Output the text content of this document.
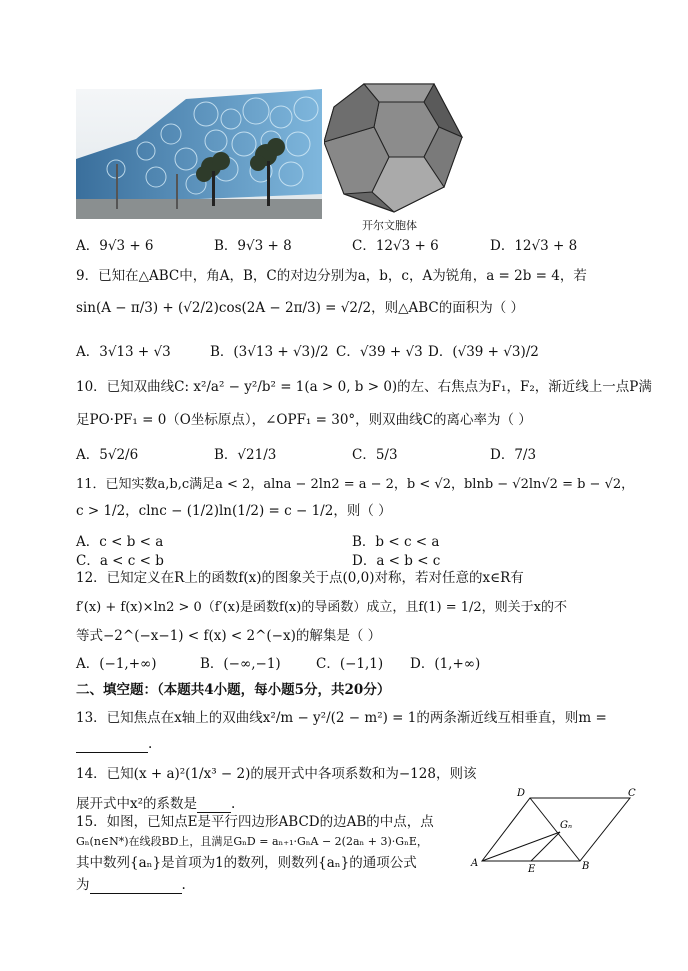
开尔文胞体
A．9√3 + 6	B．9√3 + 8	C．12√3 + 6	D．12√3 + 8
9．已知在△ABC中，角A，B，C的对边分别为a，b，c，A为锐角，a = 2b = 4，若
sin(A − π/3) + (√2/2)cos(2A − 2π/3) = √2/2，则△ABC的面积为（ ）
A．3√13 + √3	B．(3√13 + √3)/2 C．√39 + √3 D．(√39 + √3)/2
10．已知双曲线C: x²/a² − y²/b² = 1(a > 0, b > 0)的左、右焦点为F₁，F₂，渐近线上一点P满
足PO·PF₁ = 0（O坐标原点），∠OPF₁ = 30°，则双曲线C的离心率为（ ）
A．5√2/6	B．√21/3	C．5/3	D．7/3
11．已知实数a,b,c满足a < 2，alna − 2ln2 = a − 2，b < √2，blnb − √2ln√2 = b − √2，
c > 1/2，clnc − (1/2)ln(1/2) = c − 1/2，则（ ）
A．c < b < a	B．b < c < a
C．a < c < b	D．a < b < c
12．已知定义在R上的函数f(x)的图象关于点(0,0)对称，若对任意的x∈R有
f′(x) + f(x)×ln2 > 0（f′(x)是函数f(x)的导函数）成立，且f(1) = 1/2，则关于x的不
等式−2^(−x−1) < f(x) < 2^(−x)的解集是（ ）
A．(−1,+∞)	B．(−∞,−1)	C．(−1,1) D．(1,+∞)
二、填空题：（本题共4小题，每小题5分，共20分）
13．已知焦点在x轴上的双曲线x²/m − y²/(2 − m²) = 1的两条渐近线互相垂直，则m =
.
14．已知(x + a)²(1/x³ − 2)的展开式中各项系数和为−128，则该
展开式中x²的系数是	.
15．如图，已知点E是平行四边形ABCD的边AB的中点，点
Gₙ(n∈N*)在线段BD上，且满足GₙD = aₙ₊₁·GₙA − 2(2aₙ + 3)·GₙE，
其中数列{aₙ}是首项为1的数列，则数列{aₙ}的通项公式
为	.
A	B
C
D
E
Gₙ
